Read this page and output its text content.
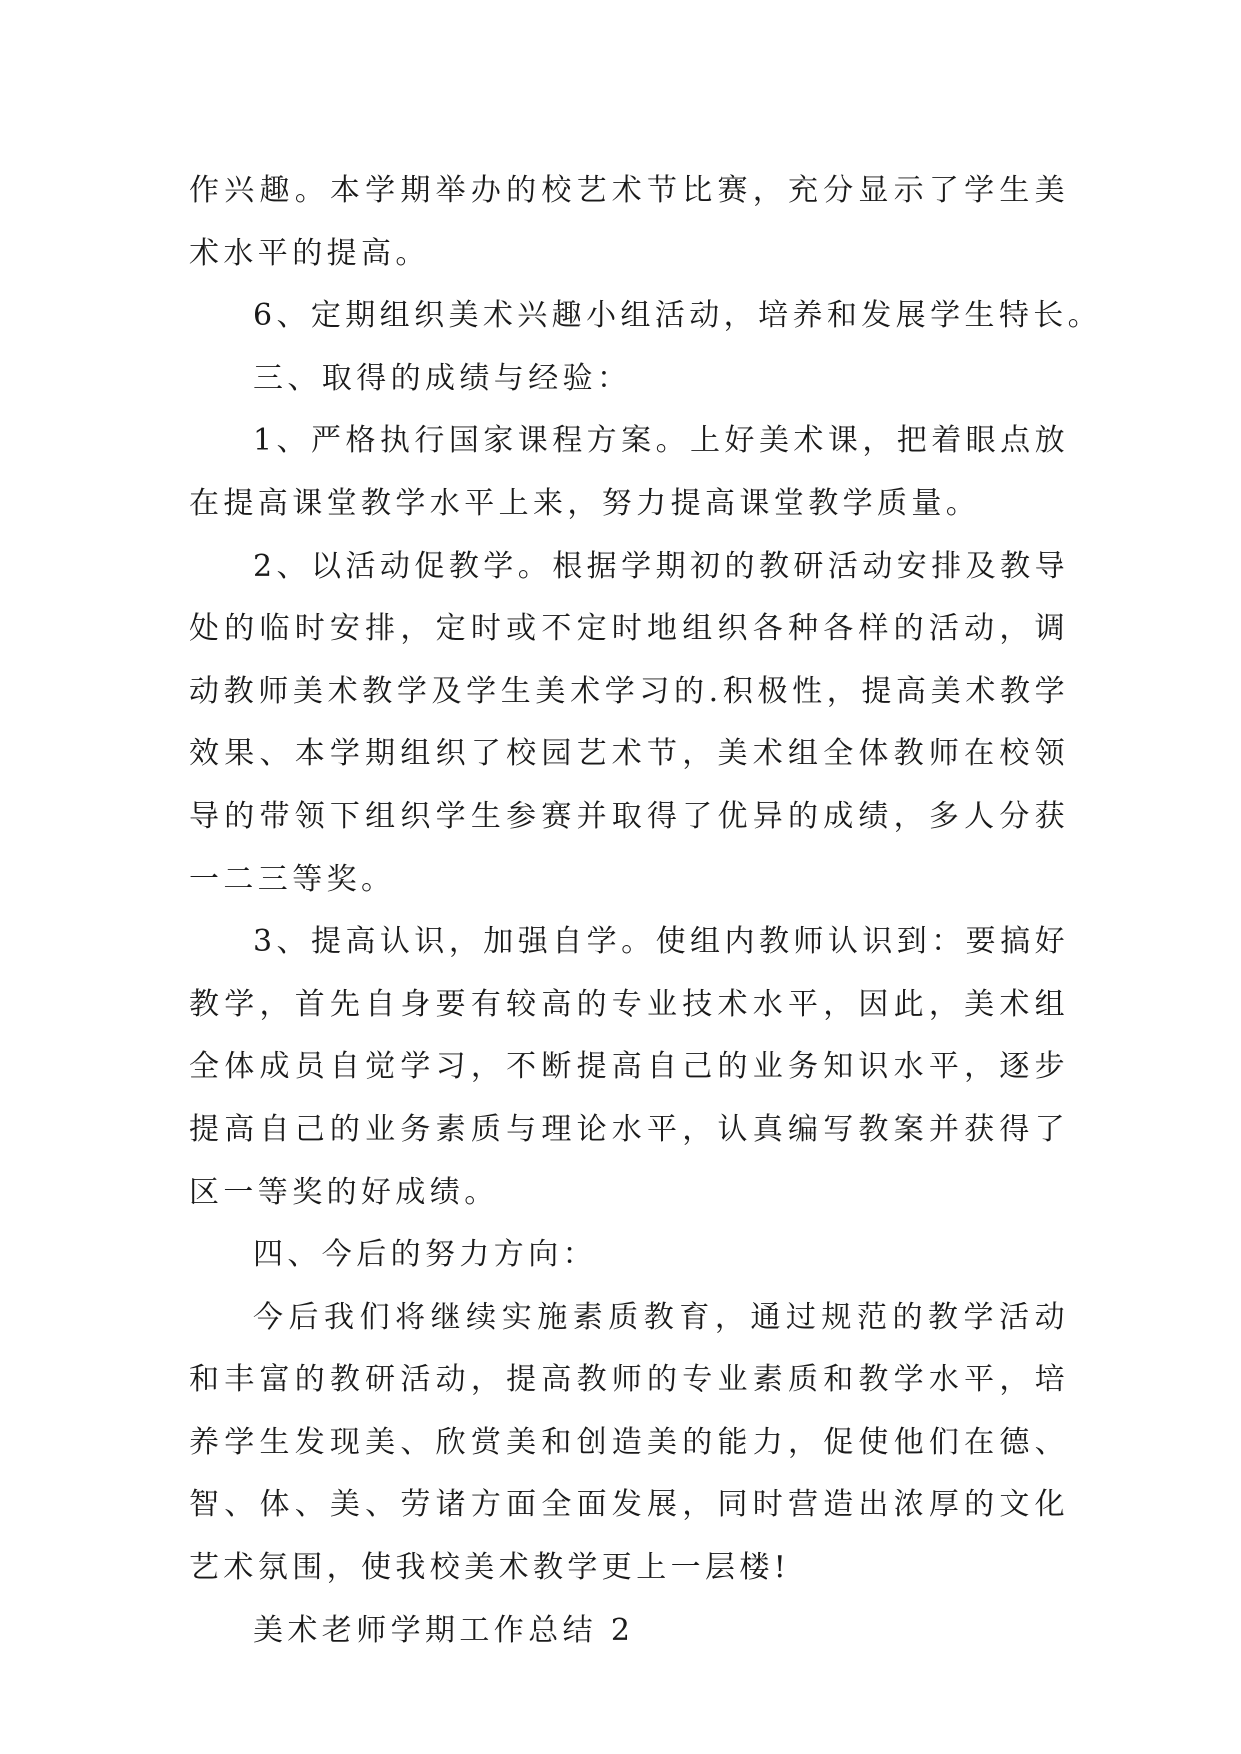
作兴趣。本学期举办的校艺术节比赛，充分显示了学生美术水平的提高。

6、定期组织美术兴趣小组活动，培养和发展学生特长。

三、取得的成绩与经验：

1、严格执行国家课程方案。上好美术课，把着眼点放在提高课堂教学水平上来，努力提高课堂教学质量。

2、以活动促教学。根据学期初的教研活动安排及教导处的临时安排，定时或不定时地组织各种各样的活动，调动教师美术教学及学生美术学习的.积极性，提高美术教学效果、本学期组织了校园艺术节，美术组全体教师在校领导的带领下组织学生参赛并取得了优异的成绩，多人分获一二三等奖。

3、提高认识，加强自学。使组内教师认识到：要搞好教学，首先自身要有较高的专业技术水平，因此，美术组全体成员自觉学习，不断提高自己的业务知识水平，逐步提高自己的业务素质与理论水平，认真编写教案并获得了区一等奖的好成绩。

四、今后的努力方向：

今后我们将继续实施素质教育，通过规范的教学活动和丰富的教研活动，提高教师的专业素质和教学水平，培养学生发现美、欣赏美和创造美的能力，促使他们在德、智、体、美、劳诸方面全面发展，同时营造出浓厚的文化艺术氛围，使我校美术教学更上一层楼!

美术老师学期工作总结 2
